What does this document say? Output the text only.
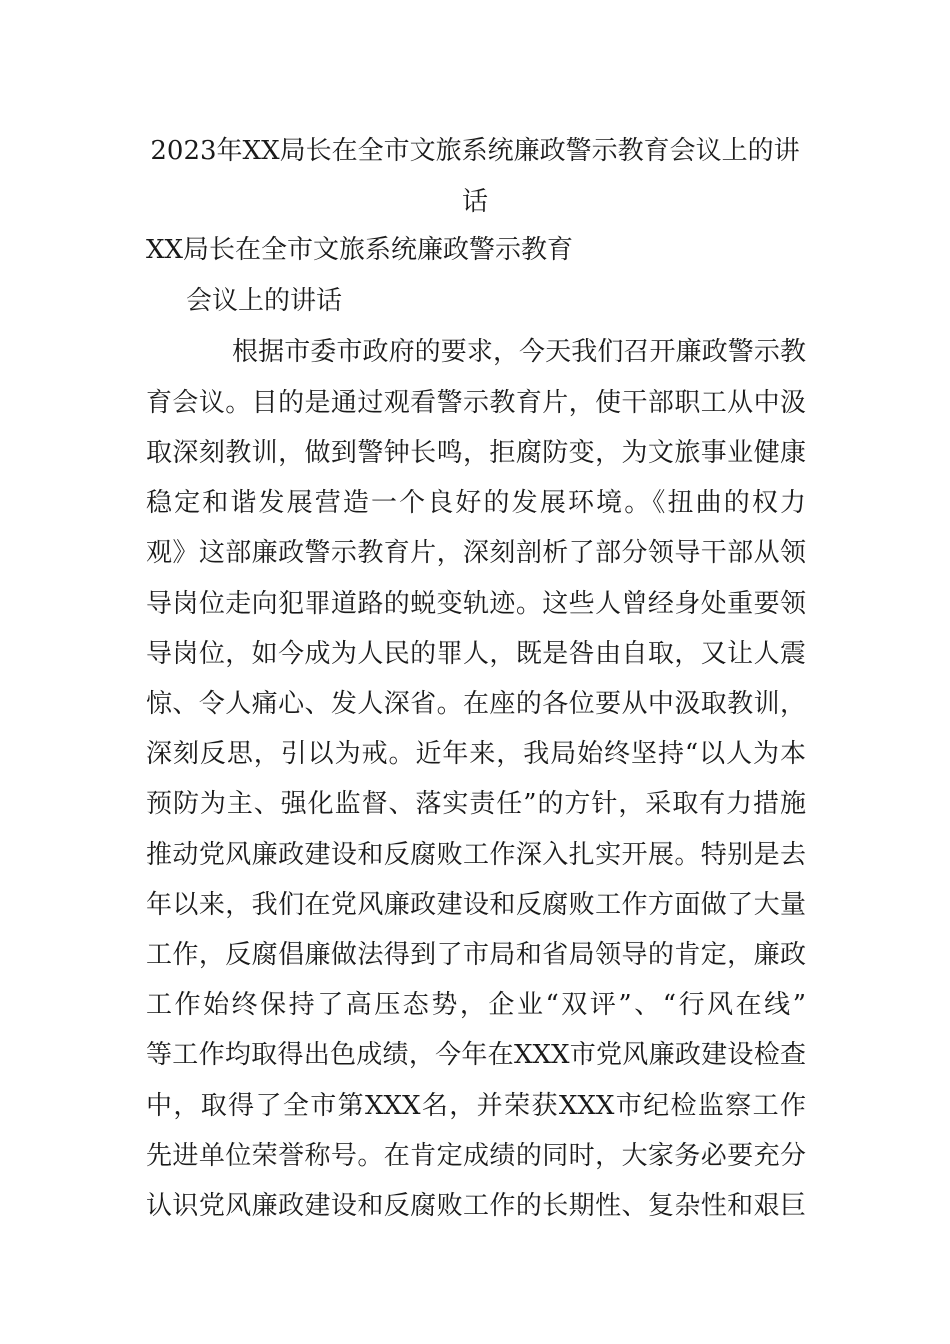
2023年XX局长在全市文旅系统廉政警示教育会议上的讲
话
XX局长在全市文旅系统廉政警示教育
会议上的讲话
根据市委市政府的要求，今天我们召开廉政警示教
育会议。目的是通过观看警示教育片，使干部职工从中汲
取深刻教训，做到警钟长鸣，拒腐防变，为文旅事业健康
稳定和谐发展营造一个良好的发展环境。《扭曲的权力
观》这部廉政警示教育片，深刻剖析了部分领导干部从领
导岗位走向犯罪道路的蜕变轨迹。这些人曾经身处重要领
导岗位，如今成为人民的罪人，既是咎由自取，又让人震
惊、令人痛心、发人深省。在座的各位要从中汲取教训，
深刻反思，引以为戒。近年来，我局始终坚持“以人为本
预防为主、强化监督、落实责任”的方针，采取有力措施
推动党风廉政建设和反腐败工作深入扎实开展。特别是去
年以来，我们在党风廉政建设和反腐败工作方面做了大量
工作，反腐倡廉做法得到了市局和省局领导的肯定，廉政
工作始终保持了高压态势，企业“双评”、“行风在线”
等工作均取得出色成绩，今年在XXX市党风廉政建设检查
中，取得了全市第XXX名，并荣获XXX市纪检监察工作
先进单位荣誉称号。在肯定成绩的同时，大家务必要充分
认识党风廉政建设和反腐败工作的长期性、复杂性和艰巨
